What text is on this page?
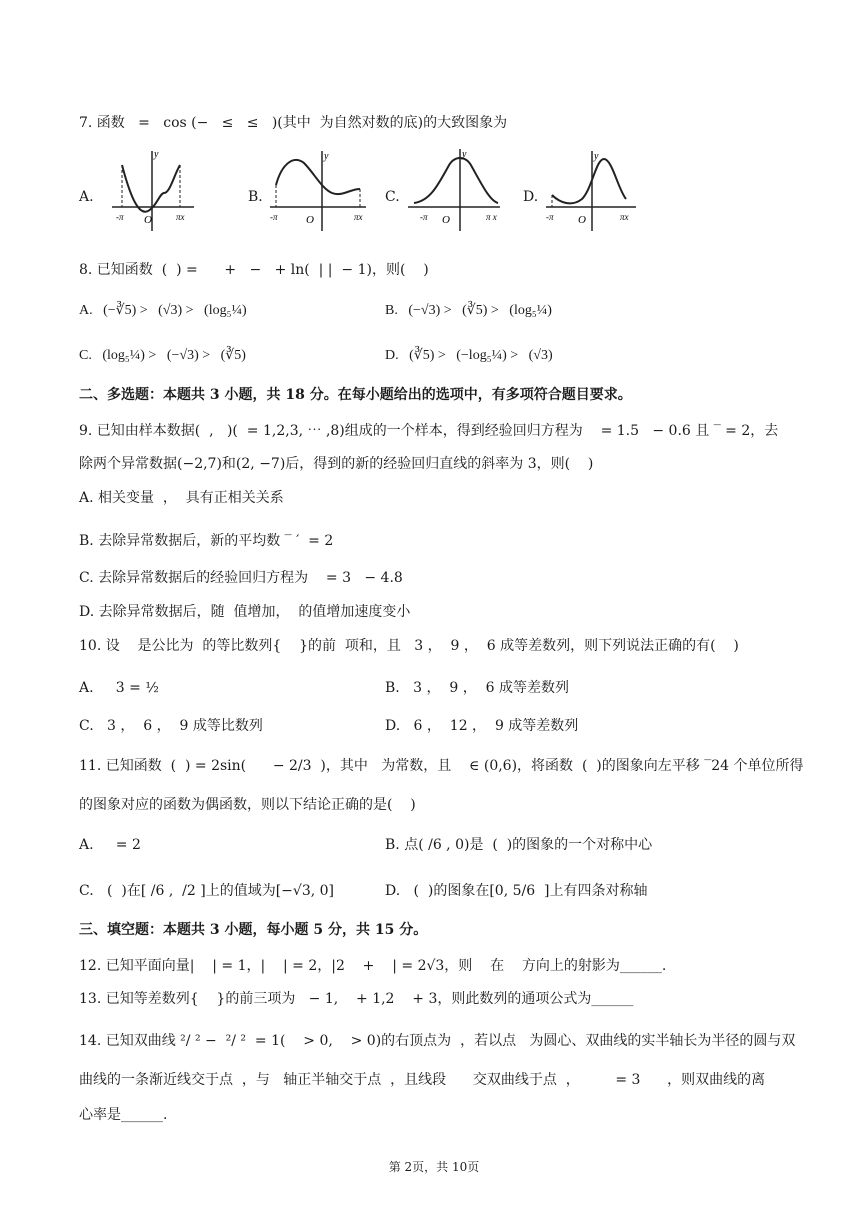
7. 函数   =   cos (−   ≤   ≤   )(其中  为自然对数的底)的大致图象为
A.
y
-π O	πx
B.
y
-π	O	πx
C.
y
-π O	π x
D.
y
-π O	πx
8. 已知函数  (  ) =      +   −   + ln(  | |  − 1)，则(    )
A.   (−∛5) >   (√3) >   (log₅¼)	B.   (−√3) >   (∛5) >   (log₅¼)
C.   (log₅¼) >   (−√3) >   (∛5)	D.   (∛5) >   (−log₅¼) >   (√3)
二、多选题：本题共 3 小题，共 18 分。在每小题给出的选项中，有多项符合题目要求。
9. 已知由样本数据(  ,   )(  = 1,2,3, ⋯ ,8)组成的一个样本，得到经验回归方程为    = 1.5   − 0.6 且 ‾ = 2，去
除两个异常数据(−2,7)和(2, −7)后，得到的新的经验回归直线的斜率为 3，则(    )
A. 相关变量  ，  具有正相关关系
B. 去除异常数据后，新的平均数 ‾ ′  = 2
C. 去除异常数据后的经验回归方程为    = 3   − 4.8
D. 去除异常数据后，随  值增加，  的值增加速度变小
10. 设    是公比为  的等比数列{    }的前  项和，且   3 ，  9 ，  6 成等差数列，则下列说法正确的有(    )
A.     3 = ½	B.   3 ，  9 ，  6 成等差数列
C.   3 ，  6 ，  9 成等比数列	D.   6 ，  12 ，  9 成等差数列
11. 已知函数  (  ) = 2sin(      − 2/3  )，其中   为常数，且    ∈ (0,6)，将函数  (  )的图象向左平移 ‾24 个单位所得
的图象对应的函数为偶函数，则以下结论正确的是(    )
A.     = 2	B. 点( /6 , 0)是  (  )的图象的一个对称中心
C.   (  )在[ /6 ,  /2 ]上的值域为[−√3, 0]	D.   (  )的图象在[0, 5/6  ]上有四条对称轴
三、填空题：本题共 3 小题，每小题 5 分，共 15 分。
12. 已知平面向量|    | = 1，|    | = 2，|2    +    | = 2√3，则    在    方向上的射影为______.
13. 已知等差数列{    }的前三项为   − 1,    + 1,2    + 3，则此数列的通项公式为______
14. 已知双曲线 ²/ ² −  ²/ ²  = 1(    > 0,    > 0)的右顶点为  ，若以点   为圆心、双曲线的实半轴长为半径的圆与双
曲线的一条渐近线交于点  ，与   轴正半轴交于点  ，且线段      交双曲线于点  ，        = 3      ，则双曲线的离
心率是______.
第 2页，共 10页
